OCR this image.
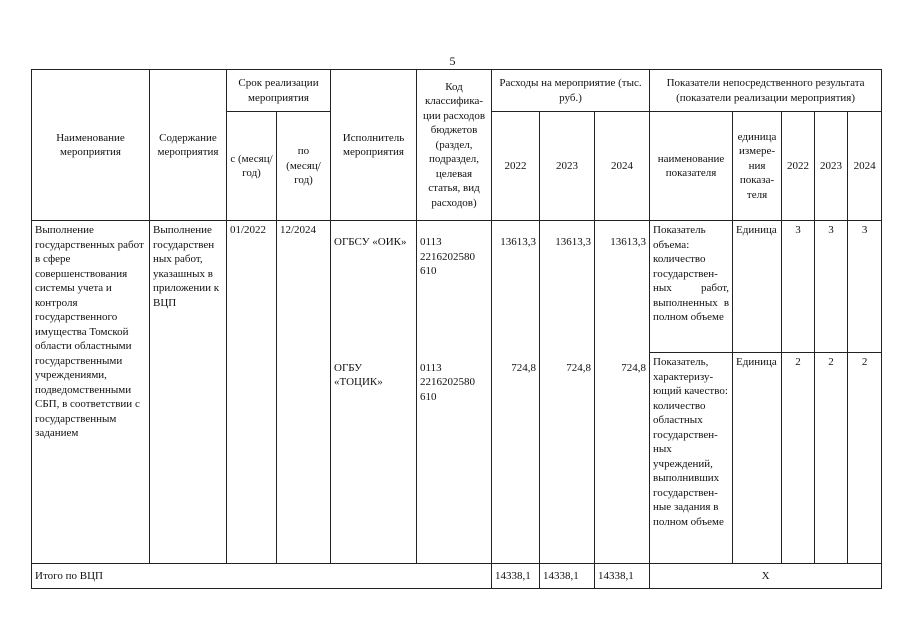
5
Наименование мероприятия	Содержание мероприятия	Срок реализации мероприятия		Исполнитель мероприятия	Код классифика-ции расходов бюджетов (раздел, подраздел, целевая статья, вид расходов)	Расходы на мероприятие (тыс. руб.)			Показатели непосредственного результата (показатели реализации мероприятия)				
		с (месяц/ год)	по (месяц/ год)			2022	2023	2024	наименование показателя	единица измере-ния показа-теля	2022	2023	2024
Выполнение государственных работ в сфере совершенствования системы учета и контроля государственного имущества Томской области областными государственными учреждениями, подведомственными СБП, в соответствии с государственным заданием	Выполнение государствен ных работ, указашных в приложении к ВЦП	01/2022	12/2024	ОГБСУ «ОИК»	0113 2216202580 610	13613,3	13613,3	13613,3	Показатель объема: количество государствен-ных работ, выполненных в полном объеме	Единица	3	3	3
				ОГБУ «ТОЦИК»	0113 2216202580 610	724,8	724,8	724,8	Показатель, характеризу-ющий качество: количество областных государствен-ных учреждений, выполнивших государствен-ные задания в полном объеме	Единица	2	2	2
Итого по ВЦП						14338,1	14338,1	14338,1	Х				
